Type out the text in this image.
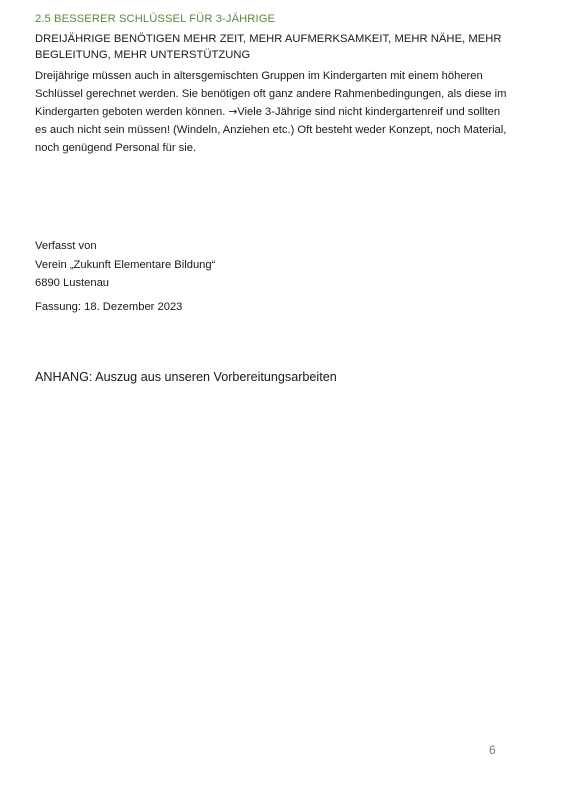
2.5 BESSERER SCHLÜSSEL FÜR 3-JÄHRIGE
DREIJÄHRIGE BENÖTIGEN MEHR ZEIT, MEHR AUFMERKSAMKEIT, MEHR NÄHE, MEHR BEGLEITUNG, MEHR UNTERSTÜTZUNG
Dreijährige müssen auch in altersgemischten Gruppen im Kindergarten mit einem höheren Schlüssel gerechnet werden. Sie benötigen oft ganz andere Rahmenbedingungen, als diese im Kindergarten geboten werden können. →Viele 3-Jährige sind nicht kindergartenreif und sollten es auch nicht sein müssen! (Windeln, Anziehen etc.) Oft besteht weder Konzept, noch Material, noch genügend Personal für sie.
Verfasst von
Verein „Zukunft Elementare Bildung“
6890 Lustenau
Fassung: 18. Dezember 2023
ANHANG: Auszug aus unseren Vorbereitungsarbeiten
6
